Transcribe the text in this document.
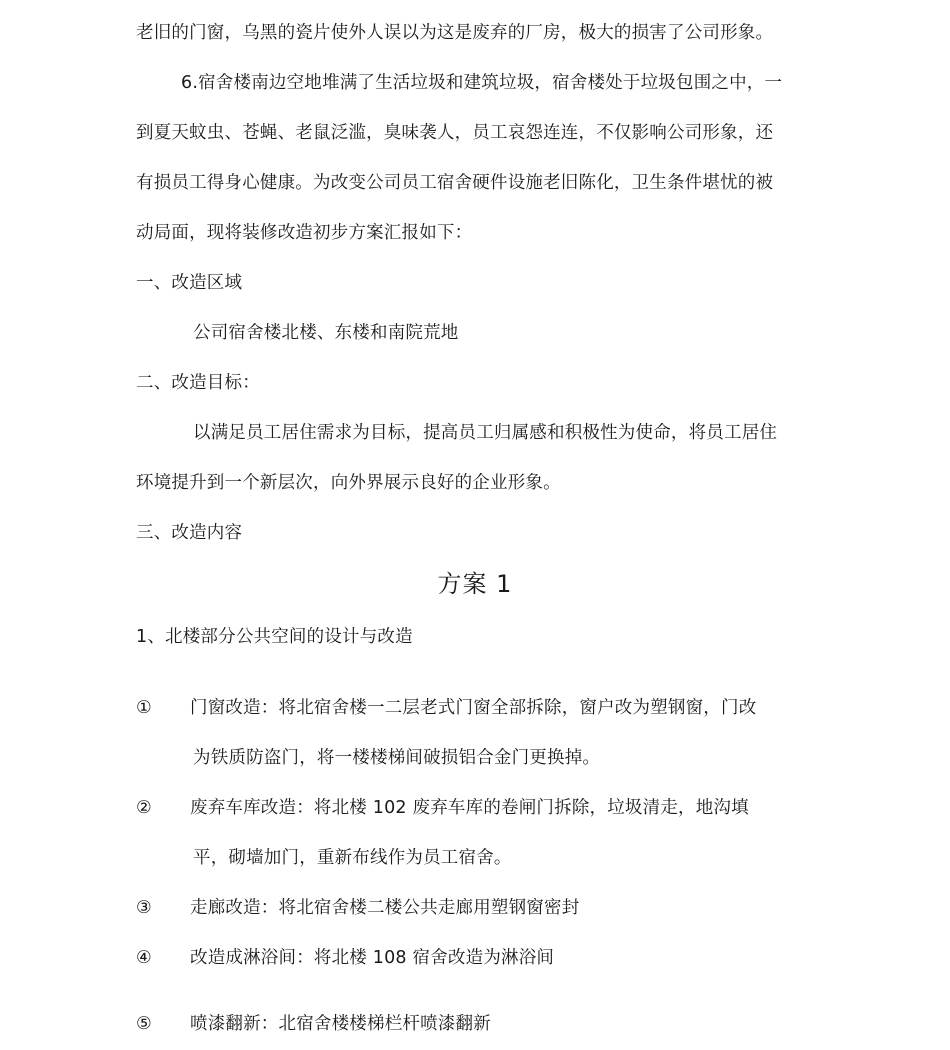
老旧的门窗，乌黑的瓷片使外人误以为这是废弃的厂房，极大的损害了公司形象。
6.宿舍楼南边空地堆满了生活垃圾和建筑垃圾，宿舍楼处于垃圾包围之中，一
到夏天蚊虫、苍蝇、老鼠泛滥，臭味袭人，员工哀怨连连，不仅影响公司形象，还
有损员工得身心健康。为改变公司员工宿舍硬件设施老旧陈化，卫生条件堪忧的被
动局面，现将装修改造初步方案汇报如下：
一、改造区域
公司宿舍楼北楼、东楼和南院荒地
二、改造目标：
以满足员工居住需求为目标，提高员工归属感和积极性为使命，将员工居住
环境提升到一个新层次，向外界展示良好的企业形象。
三、改造内容
方案 1
1、北楼部分公共空间的设计与改造
① 门窗改造：将北宿舍楼一二层老式门窗全部拆除，窗户改为塑钢窗，门改
为铁质防盗门，将一楼楼梯间破损铝合金门更换掉。
② 废弃车库改造：将北楼 102 废弃车库的卷闸门拆除，垃圾清走，地沟填
平，砌墙加门，重新布线作为员工宿舍。
③ 走廊改造：将北宿舍楼二楼公共走廊用塑钢窗密封
④ 改造成淋浴间：将北楼 108 宿舍改造为淋浴间
⑤ 喷漆翻新：北宿舍楼楼梯栏杆喷漆翻新
